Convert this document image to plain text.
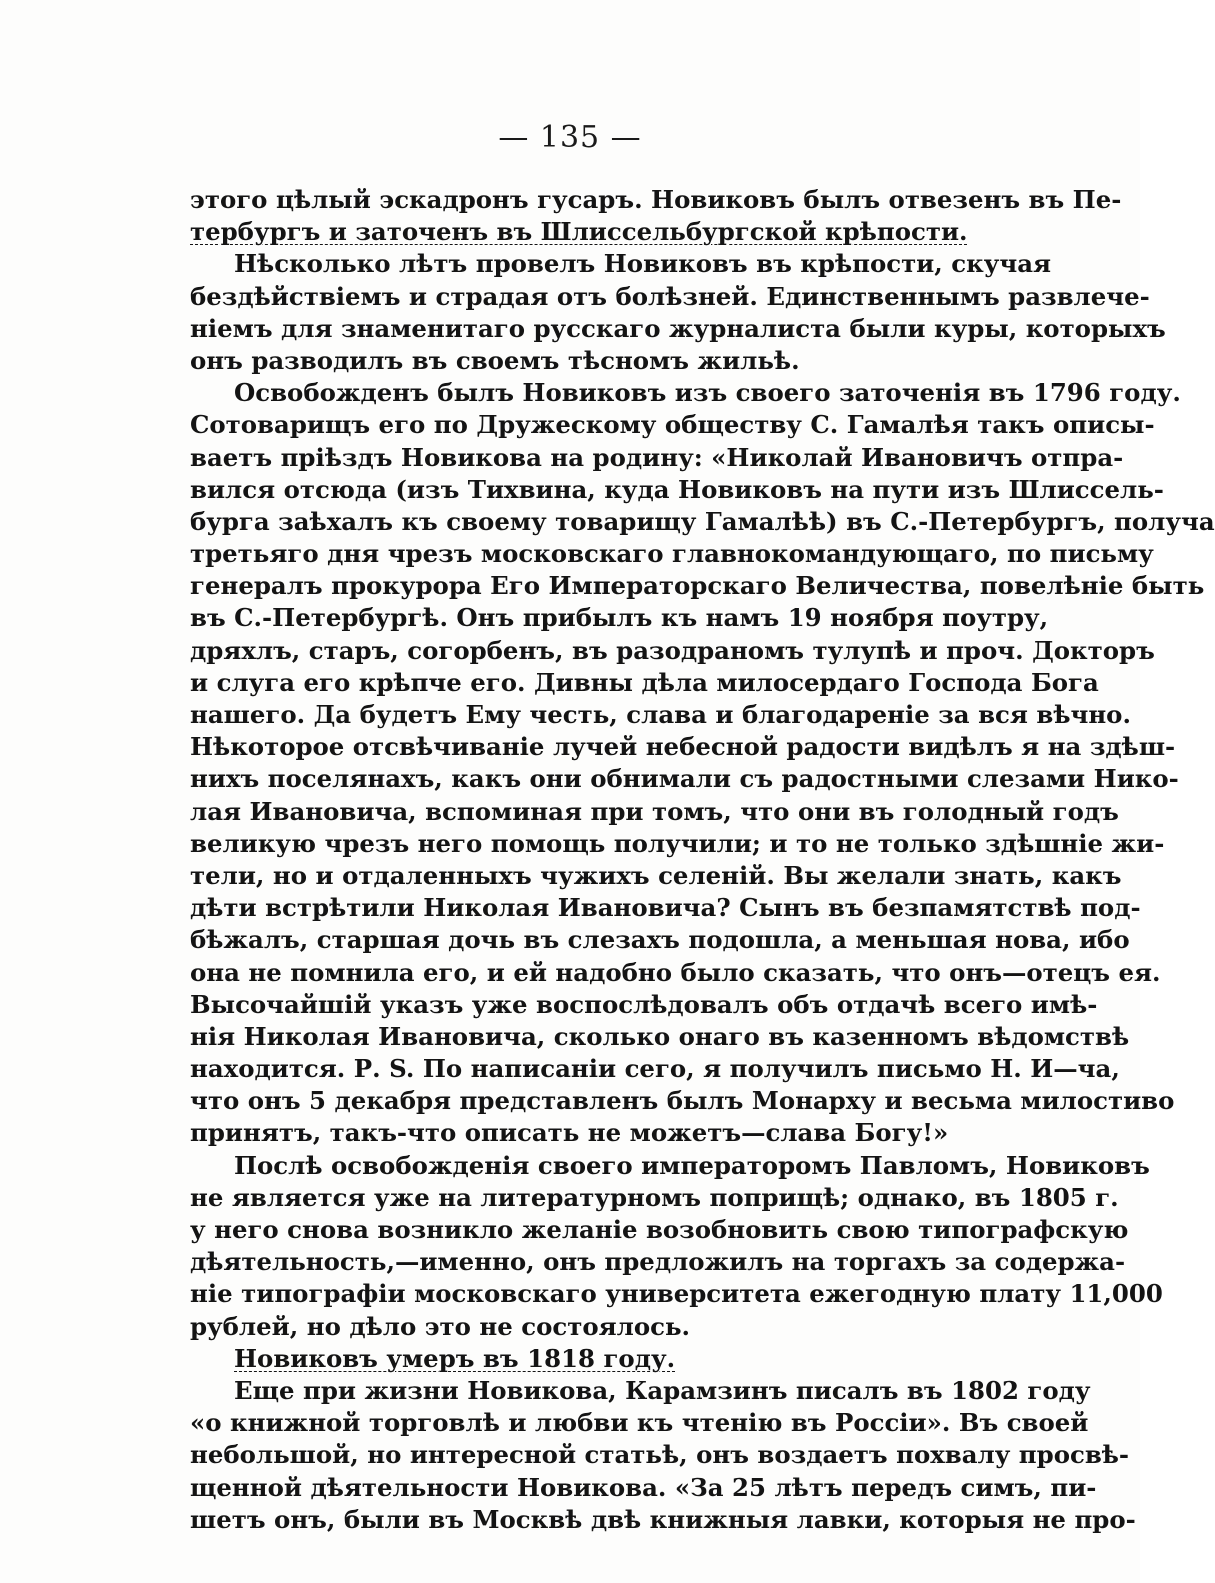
— 135 —
этого цѣлый эскадронъ гусаръ. Новиковъ былъ отвезенъ въ Пе-
тербургъ и заточенъ въ Шлиссельбургской крѣпости.
Нѣсколько лѣтъ провелъ Новиковъ въ крѣпости, скучая
бездѣйствіемъ и страдая отъ болѣзней. Единственнымъ развлече-
ніемъ для знаменитаго русскаго журналиста были куры, которыхъ
онъ разводилъ въ своемъ тѣсномъ жильѣ.
Освобожденъ былъ Новиковъ изъ своего заточенія въ 1796 году.
Сотоварищъ его по Дружескому обществу С. Гамалѣя такъ описы-
ваетъ пріѣздъ Новикова на родину: «Николай Ивановичъ отпра-
вился отсюда (изъ Тихвина, куда Новиковъ на пути изъ Шлиссель-
бурга заѣхалъ къ своему товарищу Гамалѣѣ) въ С.-Петербургъ, получа
третьяго дня чрезъ московскаго главнокомандующаго, по письму
генералъ прокурора Его Императорскаго Величества, повелѣніе быть
въ С.-Петербургѣ. Онъ прибылъ къ намъ 19 ноября поутру,
дряхлъ, старъ, согорбенъ, въ разодраномъ тулупѣ и проч. Докторъ
и слуга его крѣпче его. Дивны дѣла милосердаго Господа Бога
нашего. Да будетъ Ему честь, слава и благодареніе за вся вѣчно.
Нѣкоторое отсвѣчиваніе лучей небесной радости видѣлъ я на здѣш-
нихъ поселянахъ, какъ они обнимали съ радостными слезами Нико-
лая Ивановича, вспоминая при томъ, что они въ голодный годъ
великую чрезъ него помощь получили; и то не только здѣшніе жи-
тели, но и отдаленныхъ чужихъ селеній. Вы желали знать, какъ
дѣти встрѣтили Николая Ивановича? Сынъ въ безпамятствѣ под-
бѣжалъ, старшая дочь въ слезахъ подошла, а меньшая нова, ибо
она не помнила его, и ей надобно было сказать, что онъ—отецъ ея.
Высочайшій указъ уже воспослѣдовалъ объ отдачѣ всего имѣ-
нія Николая Ивановича, сколько онаго въ казенномъ вѣдомствѣ
находится. Р. S. По написаніи сего, я получилъ письмо Н. И—ча,
что онъ 5 декабря представленъ былъ Монарху и весьма милостиво
принятъ, такъ-что описать не можетъ—слава Богу!»
Послѣ освобожденія своего императоромъ Павломъ, Новиковъ
не является уже на литературномъ поприщѣ; однако, въ 1805 г.
у него снова возникло желаніе возобновить свою типографскую
дѣятельность,—именно, онъ предложилъ на торгахъ за содержа-
ніе типографіи московскаго университета ежегодную плату 11,000
рублей, но дѣло это не состоялось.
Новиковъ умеръ въ 1818 году.
Еще при жизни Новикова, Карамзинъ писалъ въ 1802 году
«о книжной торговлѣ и любви къ чтенію въ Россіи». Въ своей
небольшой, но интересной статьѣ, онъ воздаетъ похвалу просвѣ-
щенной дѣятельности Новикова. «За 25 лѣтъ передъ симъ, пи-
шетъ онъ, были въ Москвѣ двѣ книжныя лавки, которыя не про-
